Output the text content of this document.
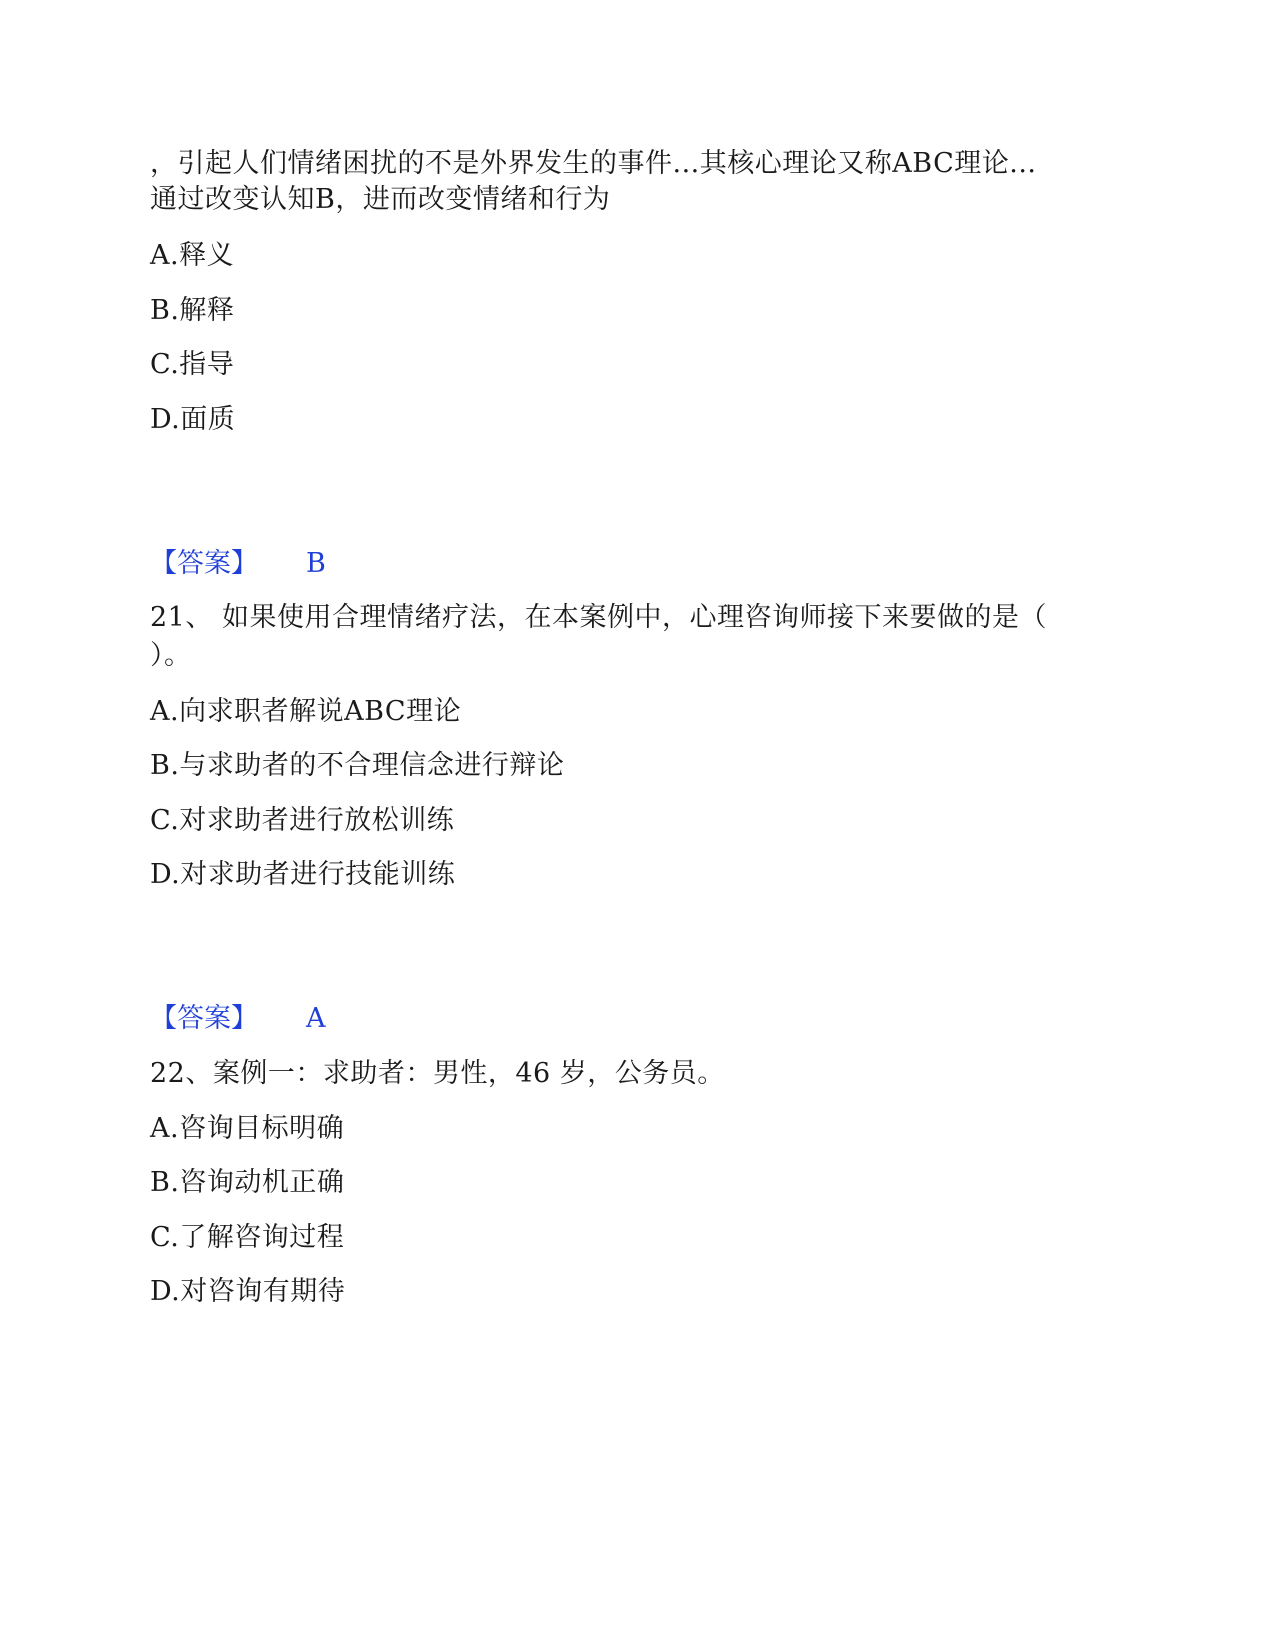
，引起人们情绪困扰的不是外界发生的事件...其核心理论又称ABC理论...
通过改变认知B，进而改变情绪和行为
A.释义
B.解释
C.指导
D.面质
【答案】 B
21、 如果使用合理情绪疗法，在本案例中，心理咨询师接下来要做的是（
）。
A.向求职者解说ABC理论
B.与求助者的不合理信念进行辩论
C.对求助者进行放松训练
D.对求助者进行技能训练
【答案】 A
22、案例一：求助者：男性，46 岁，公务员。
A.咨询目标明确
B.咨询动机正确
C.了解咨询过程
D.对咨询有期待
